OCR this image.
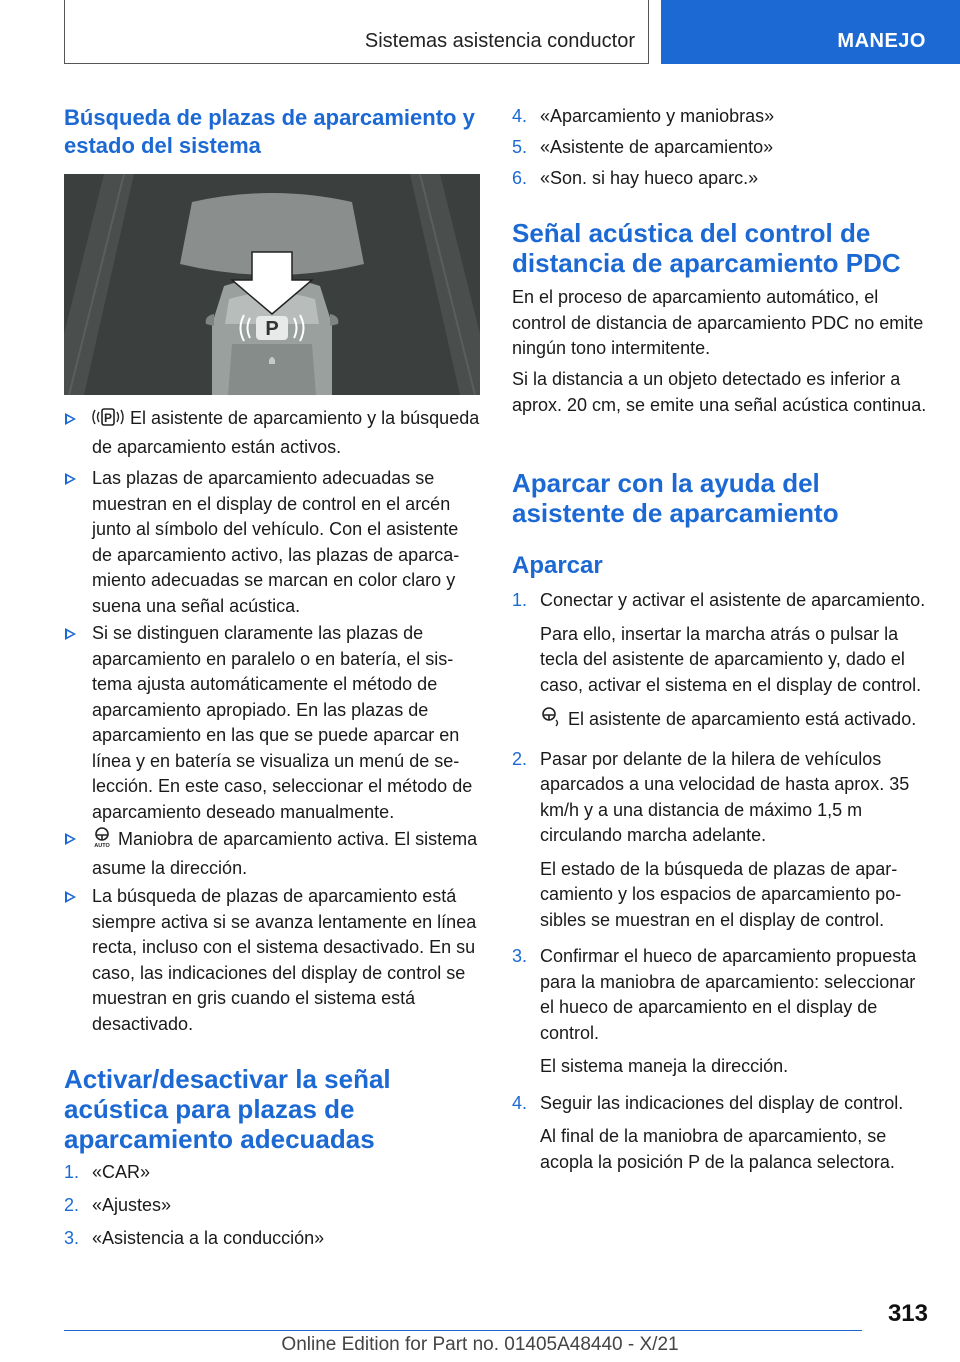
Sistemas asistencia conductor	MANEJO
Búsqueda de plazas de aparcamiento y estado del sistema
P
P El asistente de aparcamiento y la búsqueda de aparcamiento están activos.
Las plazas de aparcamiento adecuadas se muestran en el display de control en el arcén junto al símbolo del vehículo. Con el asistente de aparcamiento activo, las plazas de aparcamiento adecuadas se marcan en color claro y suena una señal acústica.
Si se distinguen claramente las plazas de aparcamiento en paralelo o en batería, el sistema ajusta automáticamente el método de aparcamiento apropiado. En las plazas de aparcamiento en las que se puede aparcar en línea y en batería se visualiza un menú de selección. En este caso, seleccionar el método de aparcamiento deseado manualmente.
AUTO Maniobra de aparcamiento activa. El sistema asume la dirección.
La búsqueda de plazas de aparcamiento está siempre activa si se avanza lentamente en línea recta, incluso con el sistema desactivado. En su caso, las indicaciones del display de control se muestran en gris cuando el sistema está desactivado.
Activar/desactivar la señal acústica para plazas de aparcamiento adecuadas
1. «CAR»
2. «Ajustes»
3. «Asistencia a la conducción»
4. «Aparcamiento y maniobras»
5. «Asistente de aparcamiento»
6. «Son. si hay hueco aparc.»
Señal acústica del control de distancia de aparcamiento PDC
En el proceso de aparcamiento automático, el control de distancia de aparcamiento PDC no emite ningún tono intermitente.
Si la distancia a un objeto detectado es inferior a aprox. 20 cm, se emite una señal acústica continua.
Aparcar con la ayuda del asistente de aparcamiento
Aparcar
1. Conectar y activar el asistente de aparcamiento.
Para ello, insertar la marcha atrás o pulsar la tecla del asistente de aparcamiento y, dado el caso, activar el sistema en el display de control.
El asistente de aparcamiento está activado.
2. Pasar por delante de la hilera de vehículos aparcados a una velocidad de hasta aprox. 35 km/h y a una distancia de máximo 1,5 m circulando marcha adelante.
El estado de la búsqueda de plazas de aparcamiento y los espacios de aparcamiento posibles se muestran en el display de control.
3. Confirmar el hueco de aparcamiento propuesta para la maniobra de aparcamiento: seleccionar el hueco de aparcamiento en el display de control.
El sistema maneja la dirección.
4. Seguir las indicaciones del display de control.
Al final de la maniobra de aparcamiento, se acopla la posición P de la palanca selectora.
313
Online Edition for Part no. 01405A48440 - X/21
